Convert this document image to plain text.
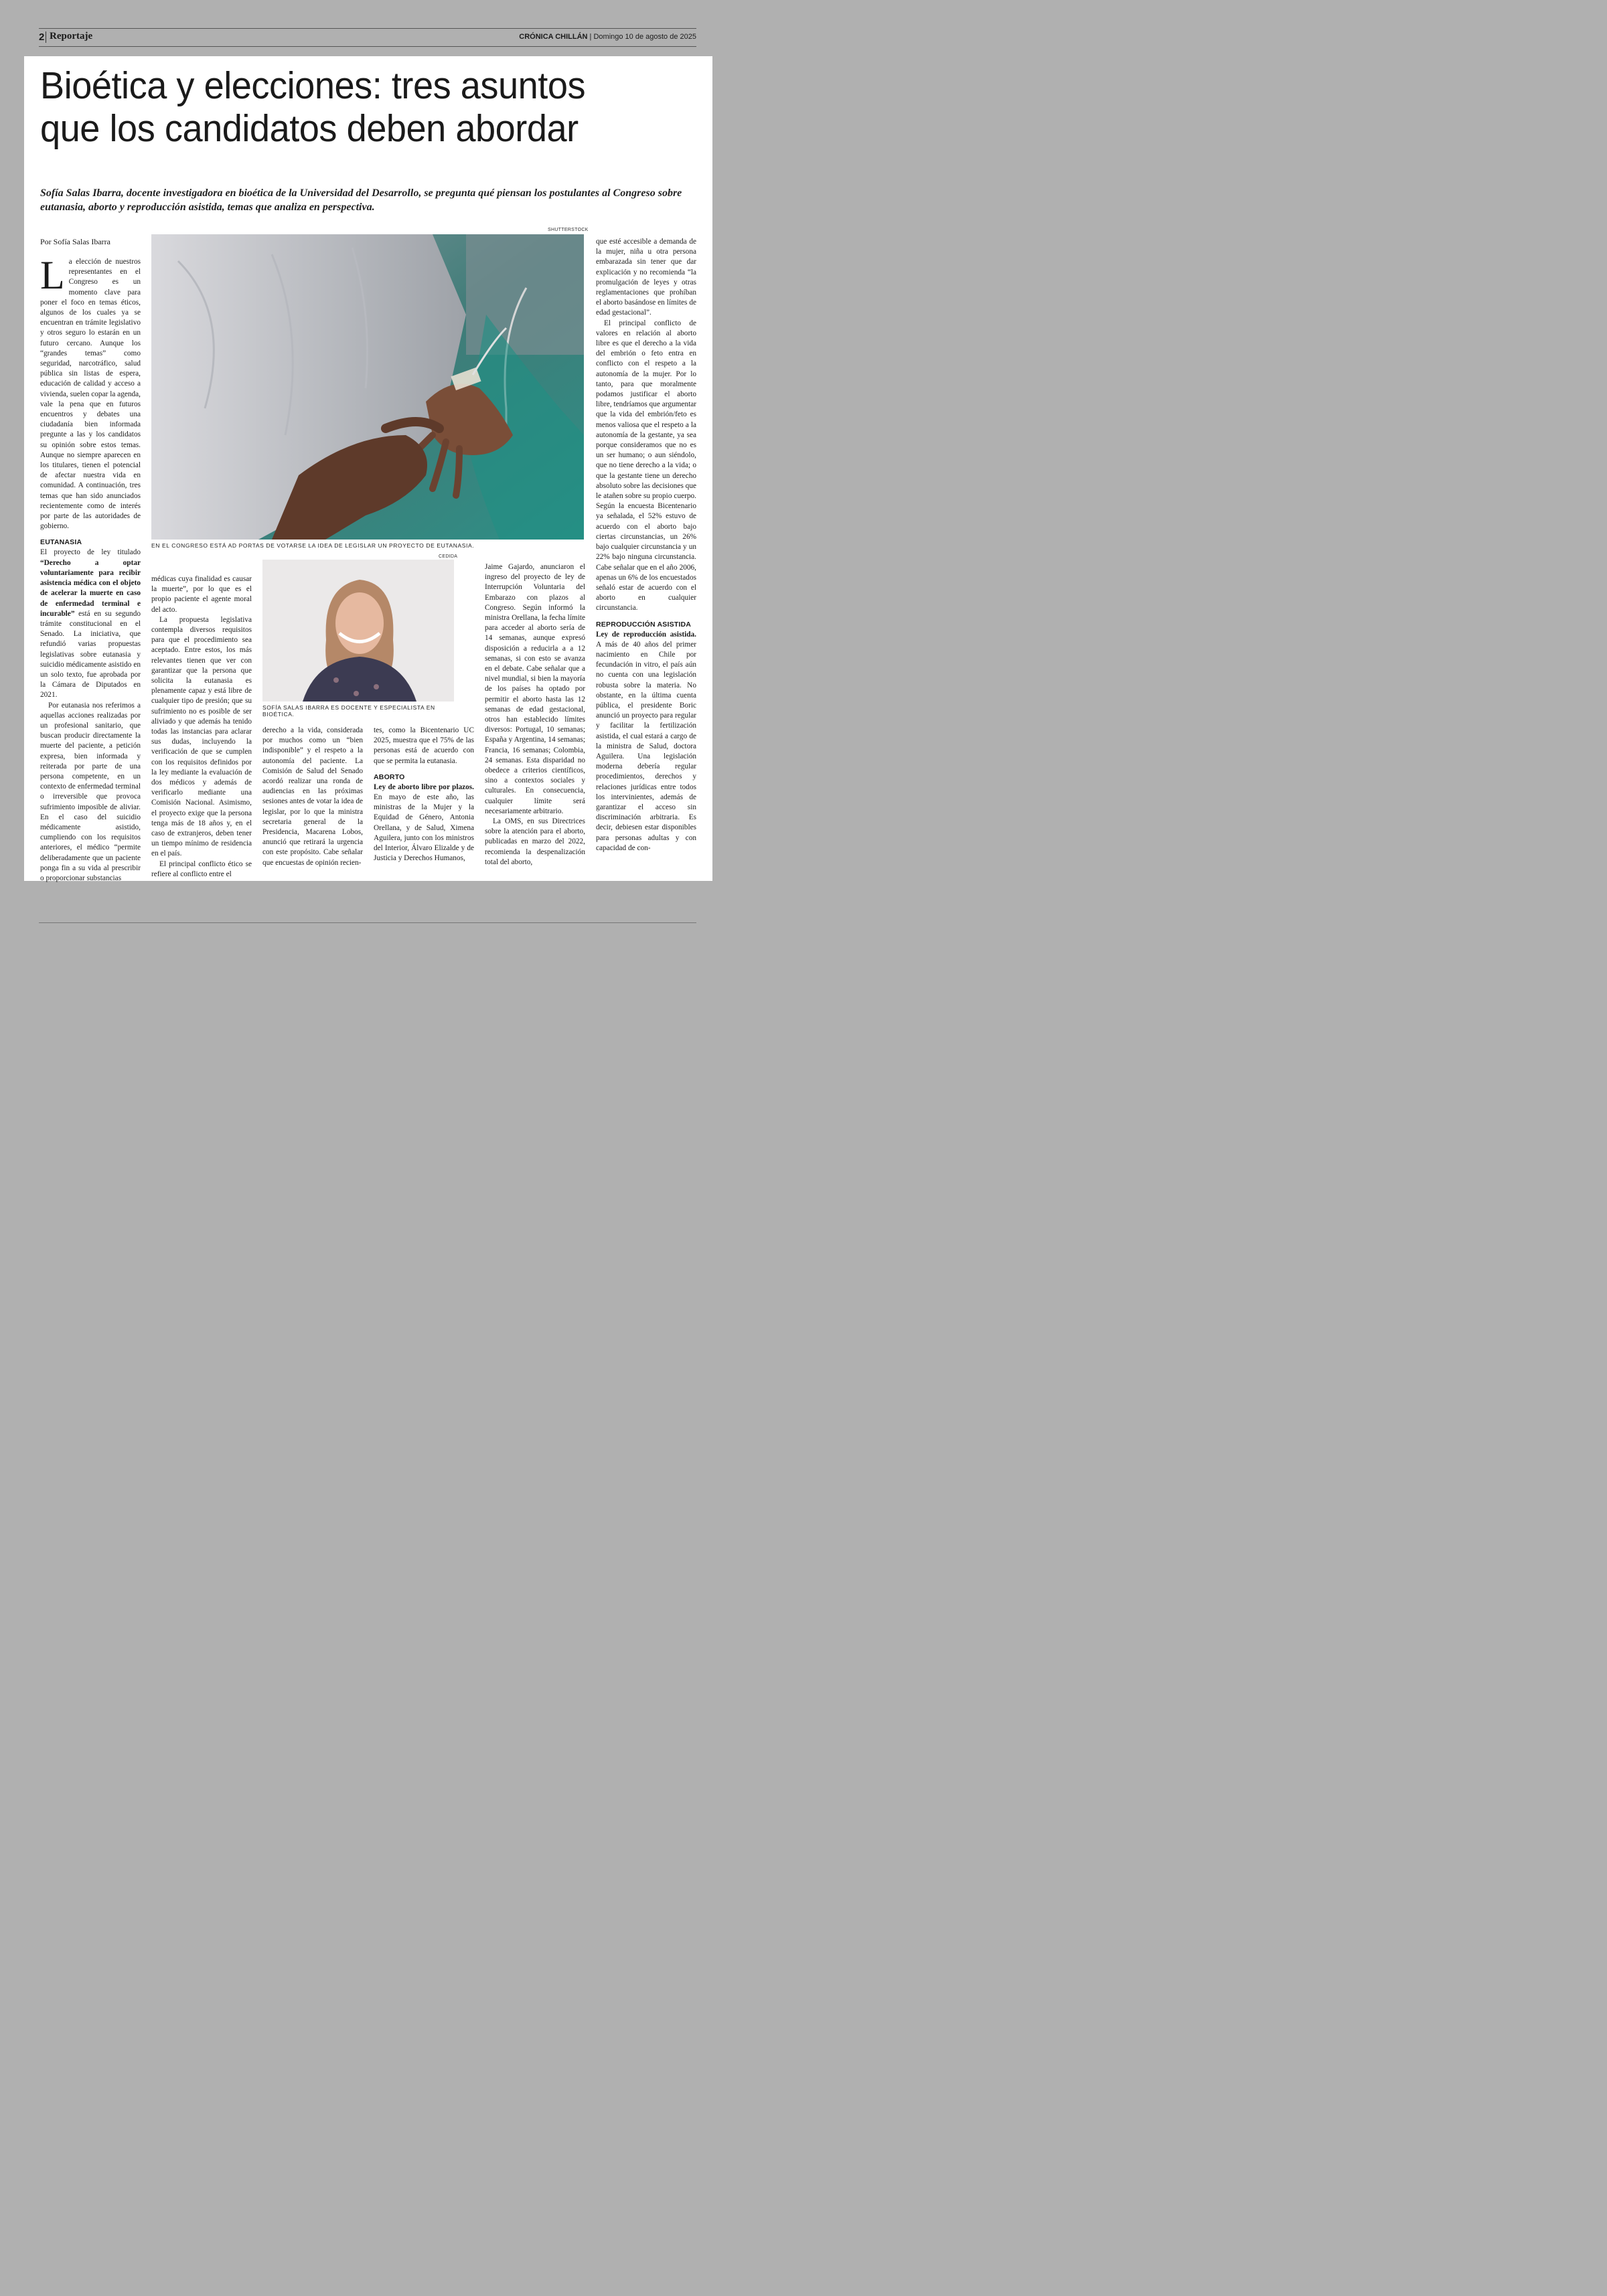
2 Reportaje	CRÓNICA CHILLÁN | Domingo 10 de agosto de 2025
Bioética y elecciones: tres asuntos
que los candidatos deben abordar
Sofía Salas Ibarra, docente investigadora en bioética de la Universidad del Desarrollo, se pregunta qué piensan los postulantes al Congreso sobre eutanasia, aborto y reproducción asistida, temas que analiza en perspectiva.
Por Sofía Salas Ibarra

La elección de nuestros representantes en el Congreso es un momento clave para poner el foco en temas éticos, algunos de los cuales ya se encuentran en trámite legislativo y otros seguro lo estarán en un futuro cercano. Aunque los “grandes temas” como seguridad, narcotráfico, salud pública sin listas de espera, educación de calidad y acceso a vivienda, suelen copar la agenda, vale la pena que en futuros encuentros y debates una ciudadanía bien informada pregunte a las y los candidatos su opinión sobre estos temas. Aunque no siempre aparecen en los titulares, tienen el potencial de afectar nuestra vida en comunidad. A continuación, tres temas que han sido anunciados recientemente como de interés por parte de las autoridades de gobierno.

EUTANASIA

El proyecto de ley titulado “Derecho a optar voluntariamente para recibir asistencia médica con el objeto de acelerar la muerte en caso de enfermedad terminal e incurable” está en su segundo trámite constitucional en el Senado. La iniciativa, que refundió varias propuestas legislativas sobre eutanasia y suicidio médicamente asistido en un solo texto, fue aprobada por la Cámara de Diputados en 2021.

Por eutanasia nos referimos a aquellas acciones realizadas por un profesional sanitario, que buscan producir directamente la muerte del paciente, a petición expresa, bien informada y reiterada por parte de una persona competente, en un contexto de enfermedad terminal o irreversible que provoca sufrimiento imposible de aliviar. En el caso del suicidio médicamente asistido, cumpliendo con los requisitos anteriores, el médico “permite deliberadamente que un paciente ponga fin a su vida al prescribir o proporcionar substancias

SHUTTERSTOCK
EN EL CONGRESO ESTÁ AD PORTAS DE VOTARSE LA IDEA DE LEGISLAR UN PROYECTO DE EUTANASIA.

médicas cuya finalidad es causar la muerte”, por lo que es el propio paciente el agente moral del acto.

La propuesta legislativa contempla diversos requisitos para que el procedimiento sea aceptado. Entre estos, los más relevantes tienen que ver con garantizar que la persona que solicita la eutanasia es plenamente capaz y está libre de cualquier tipo de presión; que su sufrimiento no es posible de ser aliviado y que además ha tenido todas las instancias para aclarar sus dudas, incluyendo la verificación de que se cumplen con los requisitos definidos por la ley mediante la evaluación de dos médicos y además de verificarlo mediante una Comisión Nacional. Asimismo, el proyecto exige que la persona tenga más de 18 años y, en el caso de extranjeros, deben tener un tiempo mínimo de residencia en el país.

El principal conflicto ético se refiere al conflicto entre el

CEDIDA
SOFÍA SALAS IBARRA ES DOCENTE Y ESPECIALISTA EN BIOÉTICA.

derecho a la vida, considerada por muchos como un “bien indisponible” y el respeto a la autonomía del paciente. La Comisión de Salud del Senado acordó realizar una ronda de audiencias en las próximas sesiones antes de votar la idea de legislar, por lo que la ministra secretaria general de la Presidencia, Macarena Lobos, anunció que retirará la urgencia con este propósito. Cabe señalar que encuestas de opinión recien-

tes, como la Bicentenario UC 2025, muestra que el 75% de las personas está de acuerdo con que se permita la eutanasia.

ABORTO

Ley de aborto libre por plazos. En mayo de este año, las ministras de la Mujer y la Equidad de Género, Antonia Orellana, y de Salud, Ximena Aguilera, junto con los ministros del Interior, Álvaro Elizalde y de Justicia y Derechos Humanos,

Jaime Gajardo, anunciaron el ingreso del proyecto de ley de Interrupción Voluntaria del Embarazo con plazos al Congreso. Según informó la ministra Orellana, la fecha límite para acceder al aborto sería de 14 semanas, aunque expresó disposición a reducirla a a 12 semanas, si con esto se avanza en el debate. Cabe señalar que a nivel mundial, si bien la mayoría de los países ha optado por permitir el aborto hasta las 12 semanas de edad gestacional, otros han establecido límites diversos: Portugal, 10 semanas; España y Argentina, 14 semanas; Francia, 16 semanas; Colombia, 24 semanas. Esta disparidad no obedece a criterios científicos, sino a contextos sociales y culturales. En consecuencia, cualquier límite será necesariamente arbitrario.

La OMS, en sus Directrices sobre la atención para el aborto, publicadas en marzo del 2022, recomienda la despenalización total del aborto,

que esté accesible a demanda de la mujer, niña u otra persona embarazada sin tener que dar explicación y no recomienda “la promulgación de leyes y otras reglamentaciones que prohíban el aborto basándose en límites de edad gestacional”.

El principal conflicto de valores en relación al aborto libre es que el derecho a la vida del embrión o feto entra en conflicto con el respeto a la autonomía de la mujer. Por lo tanto, para que moralmente podamos justificar el aborto libre, tendríamos que argumentar que la vida del embrión/feto es menos valiosa que el respeto a la autonomía de la gestante, ya sea porque consideramos que no es un ser humano; o aun siéndolo, que no tiene derecho a la vida; o que la gestante tiene un derecho absoluto sobre las decisiones que le atañen sobre su propio cuerpo. Según la encuesta Bicentenario ya señalada, el 52% estuvo de acuerdo con el aborto bajo ciertas circunstancias, un 26% bajo cualquier circunstancia y un 22% bajo ninguna circunstancia. Cabe señalar que en el año 2006, apenas un 6% de los encuestados señaló estar de acuerdo con el aborto en cualquier circunstancia.

REPRODUCCIÓN ASISTIDA

Ley de reproducción asistida. A más de 40 años del primer nacimiento en Chile por fecundación in vitro, el país aún no cuenta con una legislación robusta sobre la materia. No obstante, en la última cuenta pública, el presidente Boric anunció un proyecto para regular y facilitar la fertilización asistida, el cual estará a cargo de la ministra de Salud, doctora Aguilera. Una legislación moderna debería regular procedimientos, derechos y relaciones jurídicas entre todos los intervinientes, además de garantizar el acceso sin discriminación arbitraria. Es decir, debiesen estar disponibles para personas adultas y con capacidad de con-
